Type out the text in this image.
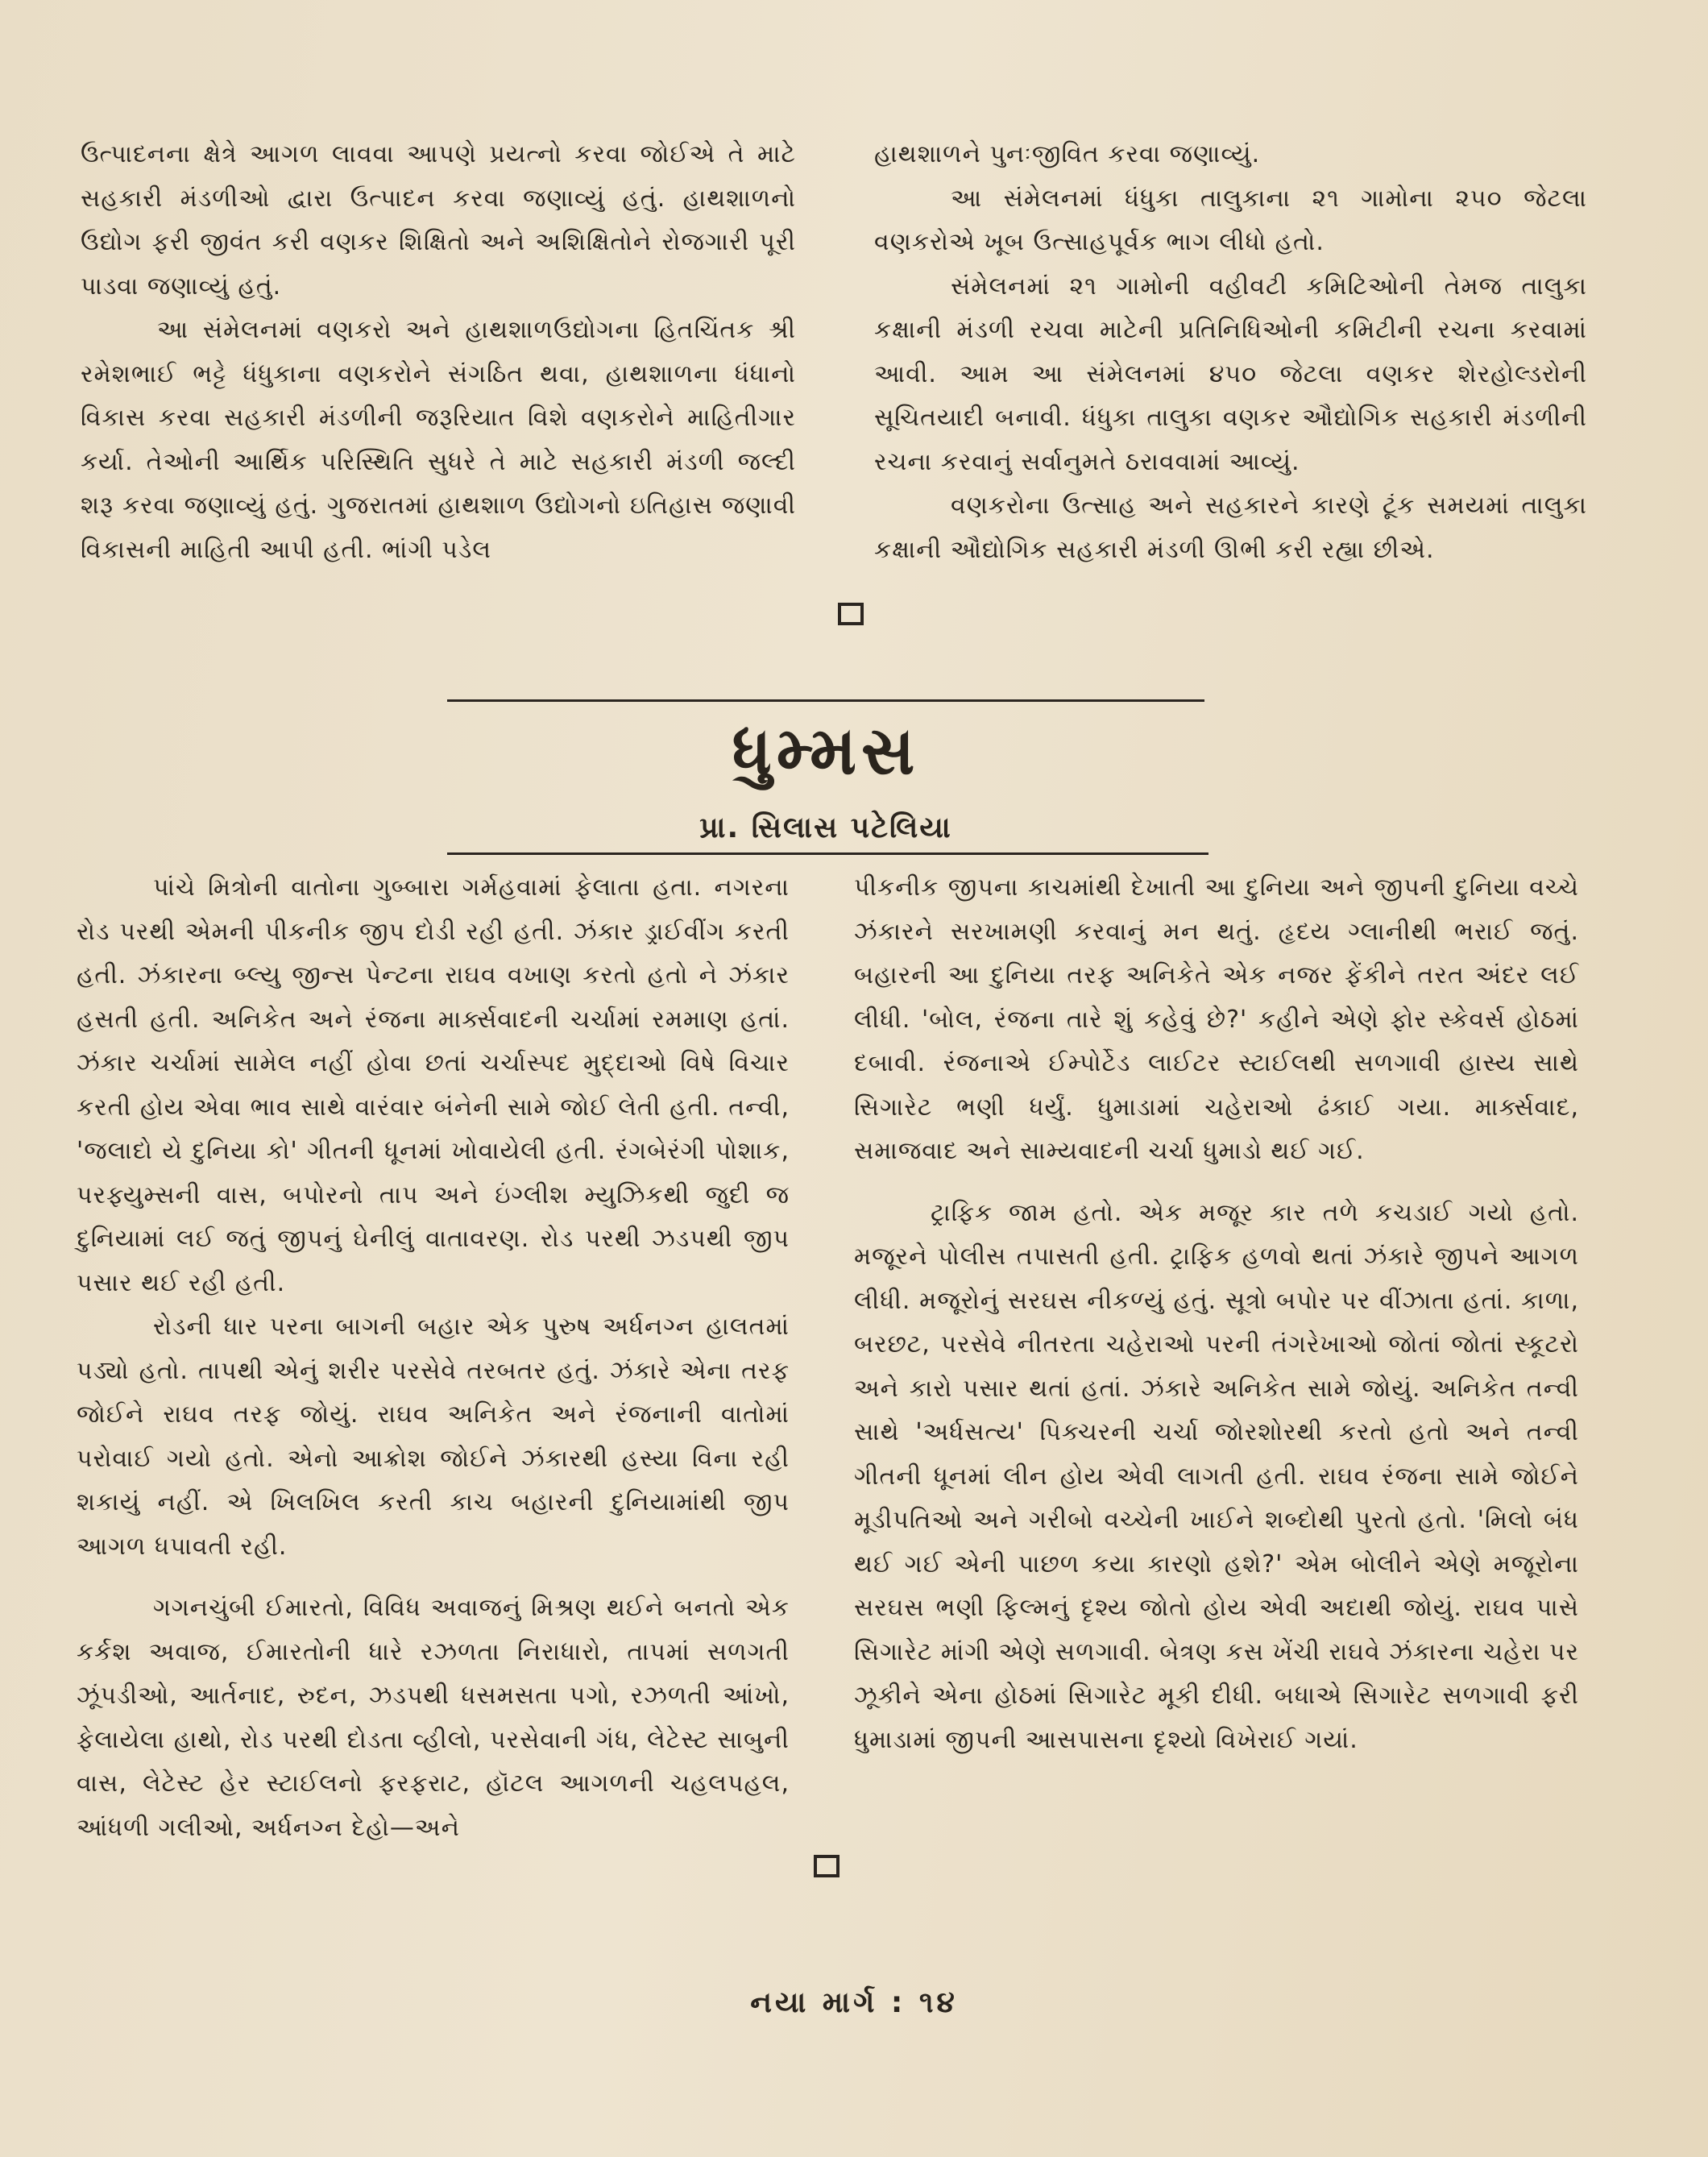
ઉત્પાદનના ક્ષેત્રે આગળ લાવવા આપણે પ્રયત્નો કરવા જોઈએ તે માટે સહકારી મંડળીઓ દ્વારા ઉત્પાદન કરવા જણાવ્યું હતું. હાથશાળનો ઉદ્યોગ ફરી જીવંત કરી વણકર શિક્ષિતો અને અશિક્ષિતોને રોજગારી પૂરી પાડવા જણાવ્યું હતું.

આ સંમેલનમાં વણકરો અને હાથશાળઉદ્યોગના હિતચિંતક શ્રી રમેશભાઈ ભટ્ટે ધંધુકાના વણકરોને સંગઠિત થવા, હાથશાળના ધંધાનો વિકાસ કરવા સહકારી મંડળીની જરૂરિયાત વિશે વણકરોને માહિતીગાર કર્યા. તેઓની આર્થિક પરિસ્થિતિ સુધરે તે માટે સહકારી મંડળી જલ્દી શરૂ કરવા જણાવ્યું હતું. ગુજરાતમાં હાથશાળ ઉદ્યોગનો ઇતિહાસ જણાવી વિકાસની માહિતી આપી હતી. ભાંગી પડેલ

હાથશાળને પુનઃજીવિત કરવા જણાવ્યું.

આ સંમેલનમાં ધંધુકા તાલુકાના ૨૧ ગામોના ૨૫૦ જેટલા વણકરોએ ખૂબ ઉત્સાહપૂર્વક ભાગ લીધો હતો.

સંમેલનમાં ૨૧ ગામોની વહીવટી કમિટિઓની તેમજ તાલુકા કક્ષાની મંડળી રચવા માટેની પ્રતિનિધિઓની કમિટીની રચના કરવામાં આવી. આમ આ સંમેલનમાં ૪૫૦ જેટલા વણકર શેરહોલ્ડરોની સૂચિતયાદી બનાવી. ધંધુકા તાલુકા વણકર ઔદ્યોગિક સહકારી મંડળીની રચના કરવાનું સર્વાનુમતે ઠરાવવામાં આવ્યું.

વણકરોના ઉત્સાહ અને સહકારને કારણે ટૂંક સમયમાં તાલુકા કક્ષાની ઔદ્યોગિક સહકારી મંડળી ઊભી કરી રહ્યા છીએ.

ધુમ્મસ
પ્રા. સિલાસ પટેલિયા

પાંચે મિત્રોની વાતોના ગુબ્બારા ગર્મહવામાં ફેલાતા હતા. નગરના રોડ પરથી એમની પીકનીક જીપ દોડી રહી હતી. ઝંકાર ડ્રાઈવીંગ કરતી હતી. ઝંકારના બ્લ્યુ જીન્સ પેન્ટના રાઘવ વખાણ કરતો હતો ને ઝંકાર હસતી હતી. અનિકેત અને રંજના માર્ક્સવાદની ચર્ચામાં રમમાણ હતાં. ઝંકાર ચર્ચામાં સામેલ નહીં હોવા છતાં ચર્ચાસ્પદ મુદ્દાઓ વિષે વિચાર કરતી હોય એવા ભાવ સાથે વારંવાર બંનેની સામે જોઈ લેતી હતી. તન્વી, 'જલાદો યે દુનિયા કો' ગીતની ધૂનમાં ખોવાયેલી હતી. રંગબેરંગી પોશાક, પરફ્યુમ્સની વાસ, બપોરનો તાપ અને ઇંગ્લીશ મ્યુઝિકથી જુદી જ દુનિયામાં લઈ જતું જીપનું ઘેનીલું વાતાવરણ. રોડ પરથી ઝડપથી જીપ પસાર થઈ રહી હતી.

રોડની ધાર પરના બાગની બહાર એક પુરુષ અર્ધનગ્ન હાલતમાં પડ્યો હતો. તાપથી એનું શરીર પરસેવે તરબતર હતું. ઝંકારે એના તરફ જોઈને રાઘવ તરફ જોયું. રાઘવ અનિકેત અને રંજનાની વાતોમાં પરોવાઈ ગયો હતો. એનો આક્રોશ જોઈને ઝંકારથી હસ્યા વિના રહી શકાયું નહીં. એ ખિલખિલ કરતી કાચ બહારની દુનિયામાંથી જીપ આગળ ધપાવતી રહી.

ગગનચુંબી ઈમારતો, વિવિધ અવાજનું મિશ્રણ થઈને બનતો એક કર્કશ અવાજ, ઈમારતોની ધારે રઝળતા નિરાધારો, તાપમાં સળગતી ઝૂંપડીઓ, આર્તનાદ, રુદન, ઝડપથી ધસમસતા પગો, રઝળતી આંખો, ફેલાયેલા હાથો, રોડ પરથી દોડતા વ્હીલો, પરસેવાની ગંધ, લેટેસ્ટ સાબુની વાસ, લેટેસ્ટ હેર સ્ટાઈલનો ફરફરાટ, હૉટલ આગળની ચહલપહલ, આંધળી ગલીઓ, અર્ધનગ્ન દેહો—અને

પીકનીક જીપના કાચમાંથી દેખાતી આ દુનિયા અને જીપની દુનિયા વચ્ચે ઝંકારને સરખામણી કરવાનું મન થતું. હૃદય ગ્લાનીથી ભરાઈ જતું. બહારની આ દુનિયા તરફ અનિકેતે એક નજર ફેંકીને તરત અંદર લઈ લીધી. 'બોલ, રંજના તારે શું કહેવું છે?' કહીને એણે ફોર સ્કેવર્સ હોઠમાં દબાવી. રંજનાએ ઈમ્પોર્ટેડ લાઈટર સ્ટાઈલથી સળગાવી હાસ્ય સાથે સિગારેટ ભણી ધર્યું. ધુમાડામાં ચહેરાઓ ઢંકાઈ ગયા. માર્ક્સવાદ, સમાજવાદ અને સામ્યવાદની ચર્ચા ધુમાડો થઈ ગઈ.

ટ્રાફિક જામ હતો. એક મજૂર કાર તળે કચડાઈ ગયો હતો. મજૂરને પોલીસ તપાસતી હતી. ટ્રાફિક હળવો થતાં ઝંકારે જીપને આગળ લીધી. મજૂરોનું સરઘસ નીકળ્યું હતું. સૂત્રો બપોર પર વીંઝાતા હતાં. કાળા, બરછટ, પરસેવે નીતરતા ચહેરાઓ પરની તંગરેખાઓ જોતાં જોતાં સ્કૂટરો અને કારો પસાર થતાં હતાં. ઝંકારે અનિકેત સામે જોયું. અનિકેત તન્વી સાથે 'અર્ધસત્ય' પિક્ચરની ચર્ચા જોરશોરથી કરતો હતો અને તન્વી ગીતની ધૂનમાં લીન હોય એવી લાગતી હતી. રાઘવ રંજના સામે જોઈને મૂડીપતિઓ અને ગરીબો વચ્ચેની ખાઈને શબ્દોથી પુરતો હતો. 'મિલો બંધ થઈ ગઈ એની પાછળ કયા કારણો હશે?' એમ બોલીને એણે મજૂરોના સરઘસ ભણી ફિલ્મનું દૃશ્ય જોતો હોય એવી અદાથી જોયું. રાઘવ પાસે સિગારેટ માંગી એણે સળગાવી. બેત્રણ કસ ખેંચી રાઘવે ઝંકારના ચહેરા પર ઝૂકીને એના હોઠમાં સિગારેટ મૂકી દીધી. બધાએ સિગારેટ સળગાવી ફરી ધુમાડામાં જીપની આસપાસના દૃશ્યો વિખેરાઈ ગયાં.

નયા માર્ગ : ૧૪
